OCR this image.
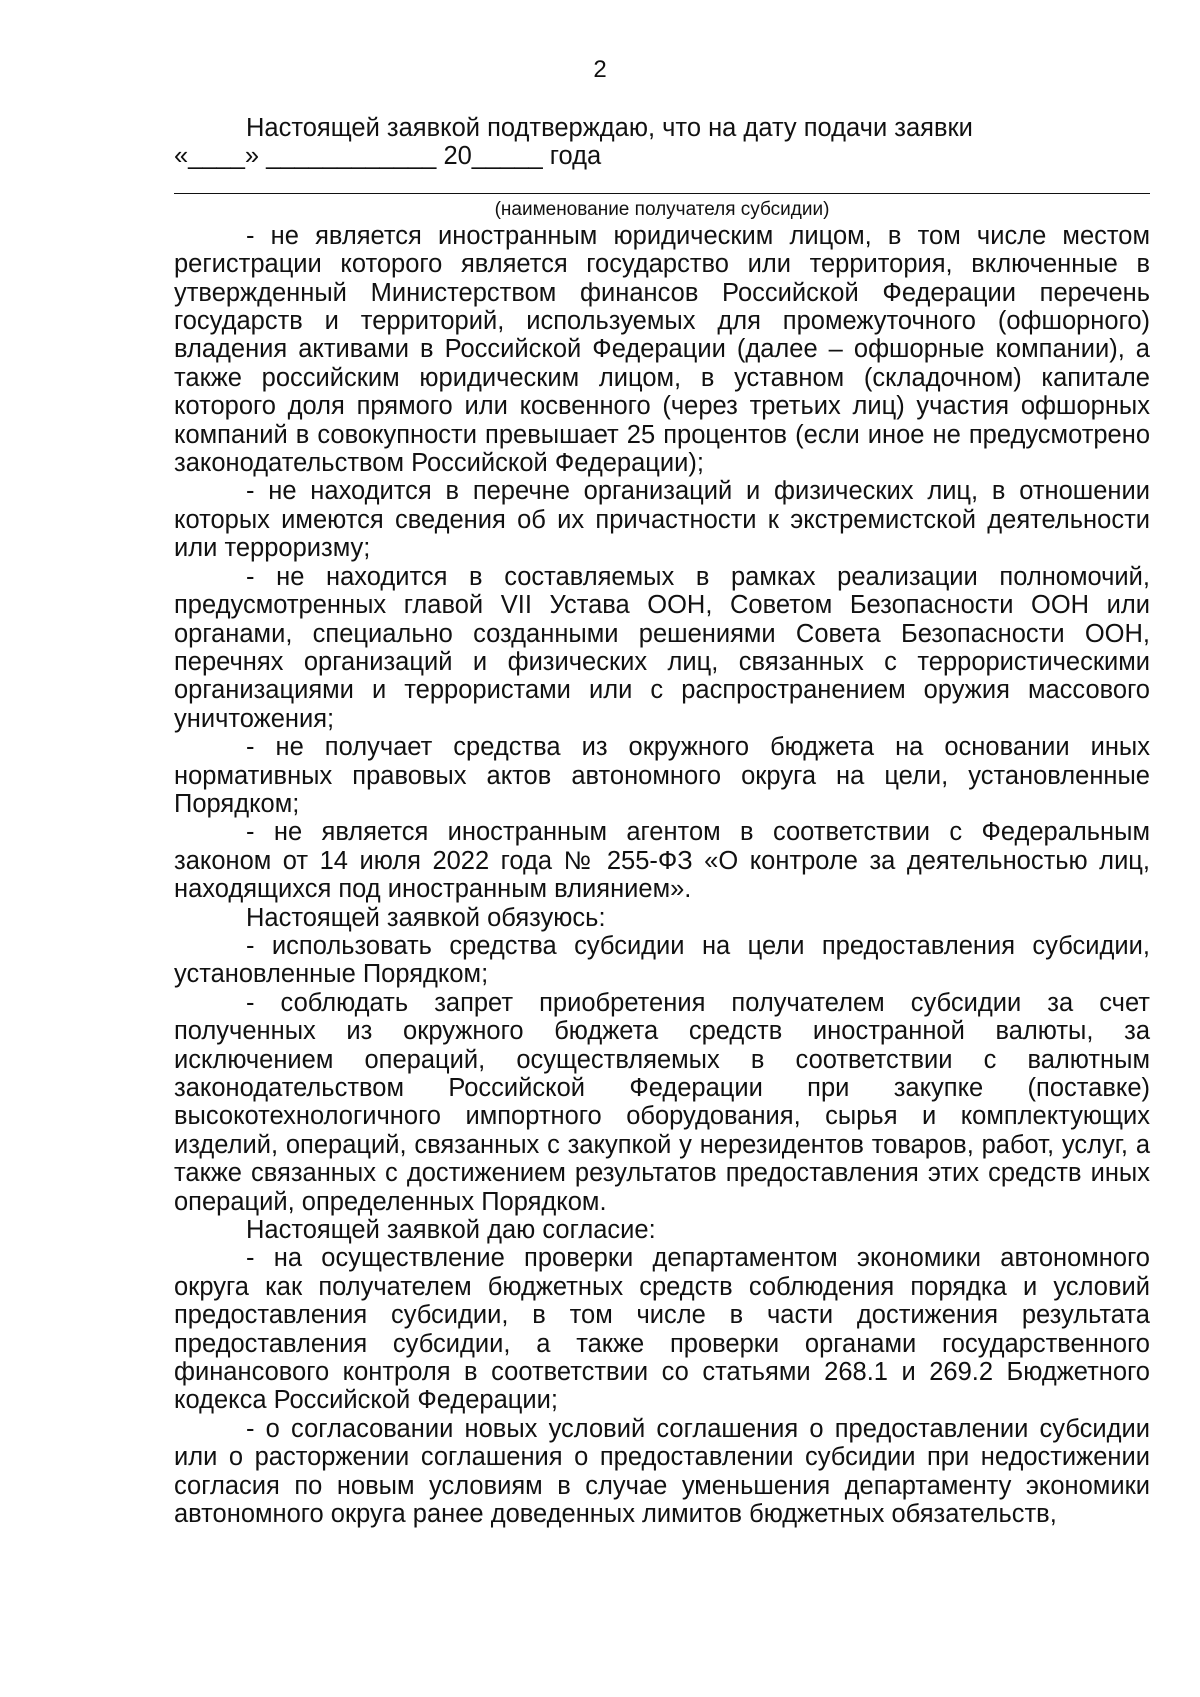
2

Настоящей заявкой подтверждаю, что на дату подачи заявки

«____» ____________ 20_____ года

(наименование получателя субсидии)

- не является иностранным юридическим лицом, в том числе местом регистрации которого является государство или территория, включенные в утвержденный Министерством финансов Российской Федерации перечень государств и территорий, используемых для промежуточного (офшорного) владения активами в Российской Федерации (далее – офшорные компании), а также российским юридическим лицом, в уставном (складочном) капитале которого доля прямого или косвенного (через третьих лиц) участия офшорных компаний в совокупности превышает 25 процентов (если иное не предусмотрено законодательством Российской Федерации);

- не находится в перечне организаций и физических лиц, в отношении которых имеются сведения об их причастности к экстремистской деятельности или терроризму;

- не находится в составляемых в рамках реализации полномочий, предусмотренных главой VII Устава ООН, Советом Безопасности ООН или органами, специально созданными решениями Совета Безопасности ООН, перечнях организаций и физических лиц, связанных с террористическими организациями и террористами или с распространением оружия массового уничтожения;

- не получает средства из окружного бюджета на основании иных нормативных правовых актов автономного округа на цели, установленные Порядком;

- не является иностранным агентом в соответствии с Федеральным законом от 14 июля 2022 года № 255-ФЗ «О контроле за деятельностью лиц, находящихся под иностранным влиянием».

Настоящей заявкой обязуюсь:

- использовать средства субсидии на цели предоставления субсидии, установленные Порядком;

- соблюдать запрет приобретения получателем субсидии за счет полученных из окружного бюджета средств иностранной валюты, за исключением операций, осуществляемых в соответствии с валютным законодательством Российской Федерации при закупке (поставке) высокотехнологичного импортного оборудования, сырья и комплектующих изделий, операций, связанных с закупкой у нерезидентов товаров, работ, услуг, а также связанных с достижением результатов предоставления этих средств иных операций, определенных Порядком.

Настоящей заявкой даю согласие:

- на осуществление проверки департаментом экономики автономного округа как получателем бюджетных средств соблюдения порядка и условий предоставления субсидии, в том числе в части достижения результата предоставления субсидии, а также проверки органами государственного финансового контроля в соответствии со статьями 268.1 и 269.2 Бюджетного кодекса Российской Федерации;

- о согласовании новых условий соглашения о предоставлении субсидии или о расторжении соглашения о предоставлении субсидии при недостижении согласия по новым условиям в случае уменьшения департаменту экономики автономного округа ранее доведенных лимитов бюджетных обязательств,
